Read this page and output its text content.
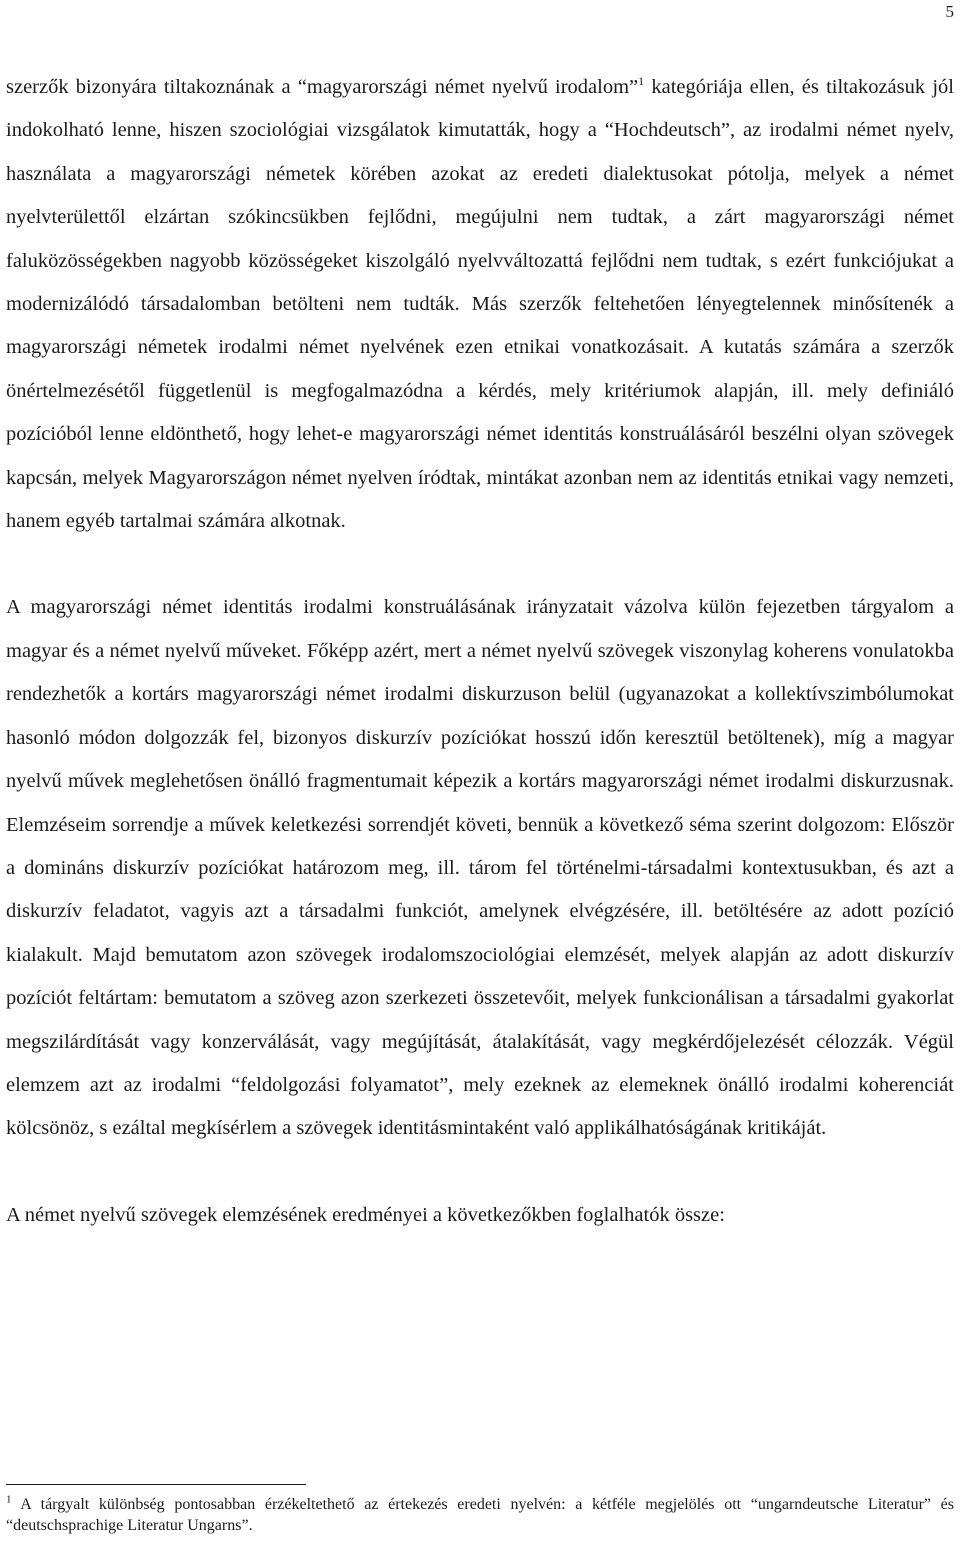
5

szerzők bizonyára tiltakoznának a “magyarországi német nyelvű irodalom”$^1$ kategóriája ellen, és tiltakozásuk jól indokolható lenne, hiszen szociológiai vizsgálatok kimutatták, hogy a “Hochdeutsch”, az irodalmi német nyelv, használata a magyarországi németek körében azokat az eredeti dialektusokat pótolja, melyek a német nyelvterülettől elzártan szókincsükben fejlődni, megújulni nem tudtak, a zárt magyarországi német faluközösségekben nagyobb közösségeket kiszolgáló nyelvváltozattá fejlődni nem tudtak, s ezért funkciójukat a modernizálódó társadalomban betölteni nem tudták. Más szerzők feltehetően lényegtelennek minősítenék a magyarországi németek irodalmi német nyelvének ezen etnikai vonatkozásait. A kutatás számára a szerzők önértelmezésétől függetlenül is megfogalmazódna a kérdés, mely kritériumok alapján, ill. mely definiáló pozícióból lenne eldönthető, hogy lehet-e magyarországi német identitás konstruálásáról beszélni olyan szövegek kapcsán, melyek Magyarországon német nyelven íródtak, mintákat azonban nem az identitás etnikai vagy nemzeti, hanem egyéb tartalmai számára alkotnak.

A magyarországi német identitás irodalmi konstruálásának irányzatait vázolva külön fejezetben tárgyalom a magyar és a német nyelvű műveket. Főképp azért, mert a német nyelvű szövegek viszonylag koherens vonulatokba rendezhetők a kortárs magyarországi német irodalmi diskurzuson belül (ugyanazokat a kollektívszimbólumokat hasonló módon dolgozzák fel, bizonyos diskurzív pozíciókat hosszú időn keresztül betöltenek), míg a magyar nyelvű művek meglehetősen önálló fragmentumait képezik a kortárs magyarországi német irodalmi diskurzusnak. Elemzéseim sorrendje a művek keletkezési sorrendjét követi, bennük a következő séma szerint dolgozom: Először a domináns diskurzív pozíciókat határozom meg, ill. tárom fel történelmi-társadalmi kontextusukban, és azt a diskurzív feladatot, vagyis azt a társadalmi funkciót, amelynek elvégzésére, ill. betöltésére az adott pozíció kialakult. Majd bemutatom azon szövegek irodalomszociológiai elemzését, melyek alapján az adott diskurzív pozíciót feltártam: bemutatom a szöveg azon szerkezeti összetevőit, melyek funkcionálisan a társadalmi gyakorlat megszilárdítását vagy konzerválását, vagy megújítását, átalakítását, vagy megkérdőjelezését célozzák. Végül elemzem azt az irodalmi “feldolgozási folyamatot”, mely ezeknek az elemeknek önálló irodalmi koherenciát kölcsönöz, s ezáltal megkísérlem a szövegek identitásmintaként való applikálhatóságának kritikáját.

A német nyelvű szövegek elemzésének eredményei a következőkben foglalhatók össze:

$^1$ A tárgyalt különbség pontosabban érzékeltethető az értekezés eredeti nyelvén: a kétféle megjelölés ott “ungarndeutsche Literatur” és “deutschsprachige Literatur Ungarns”.
